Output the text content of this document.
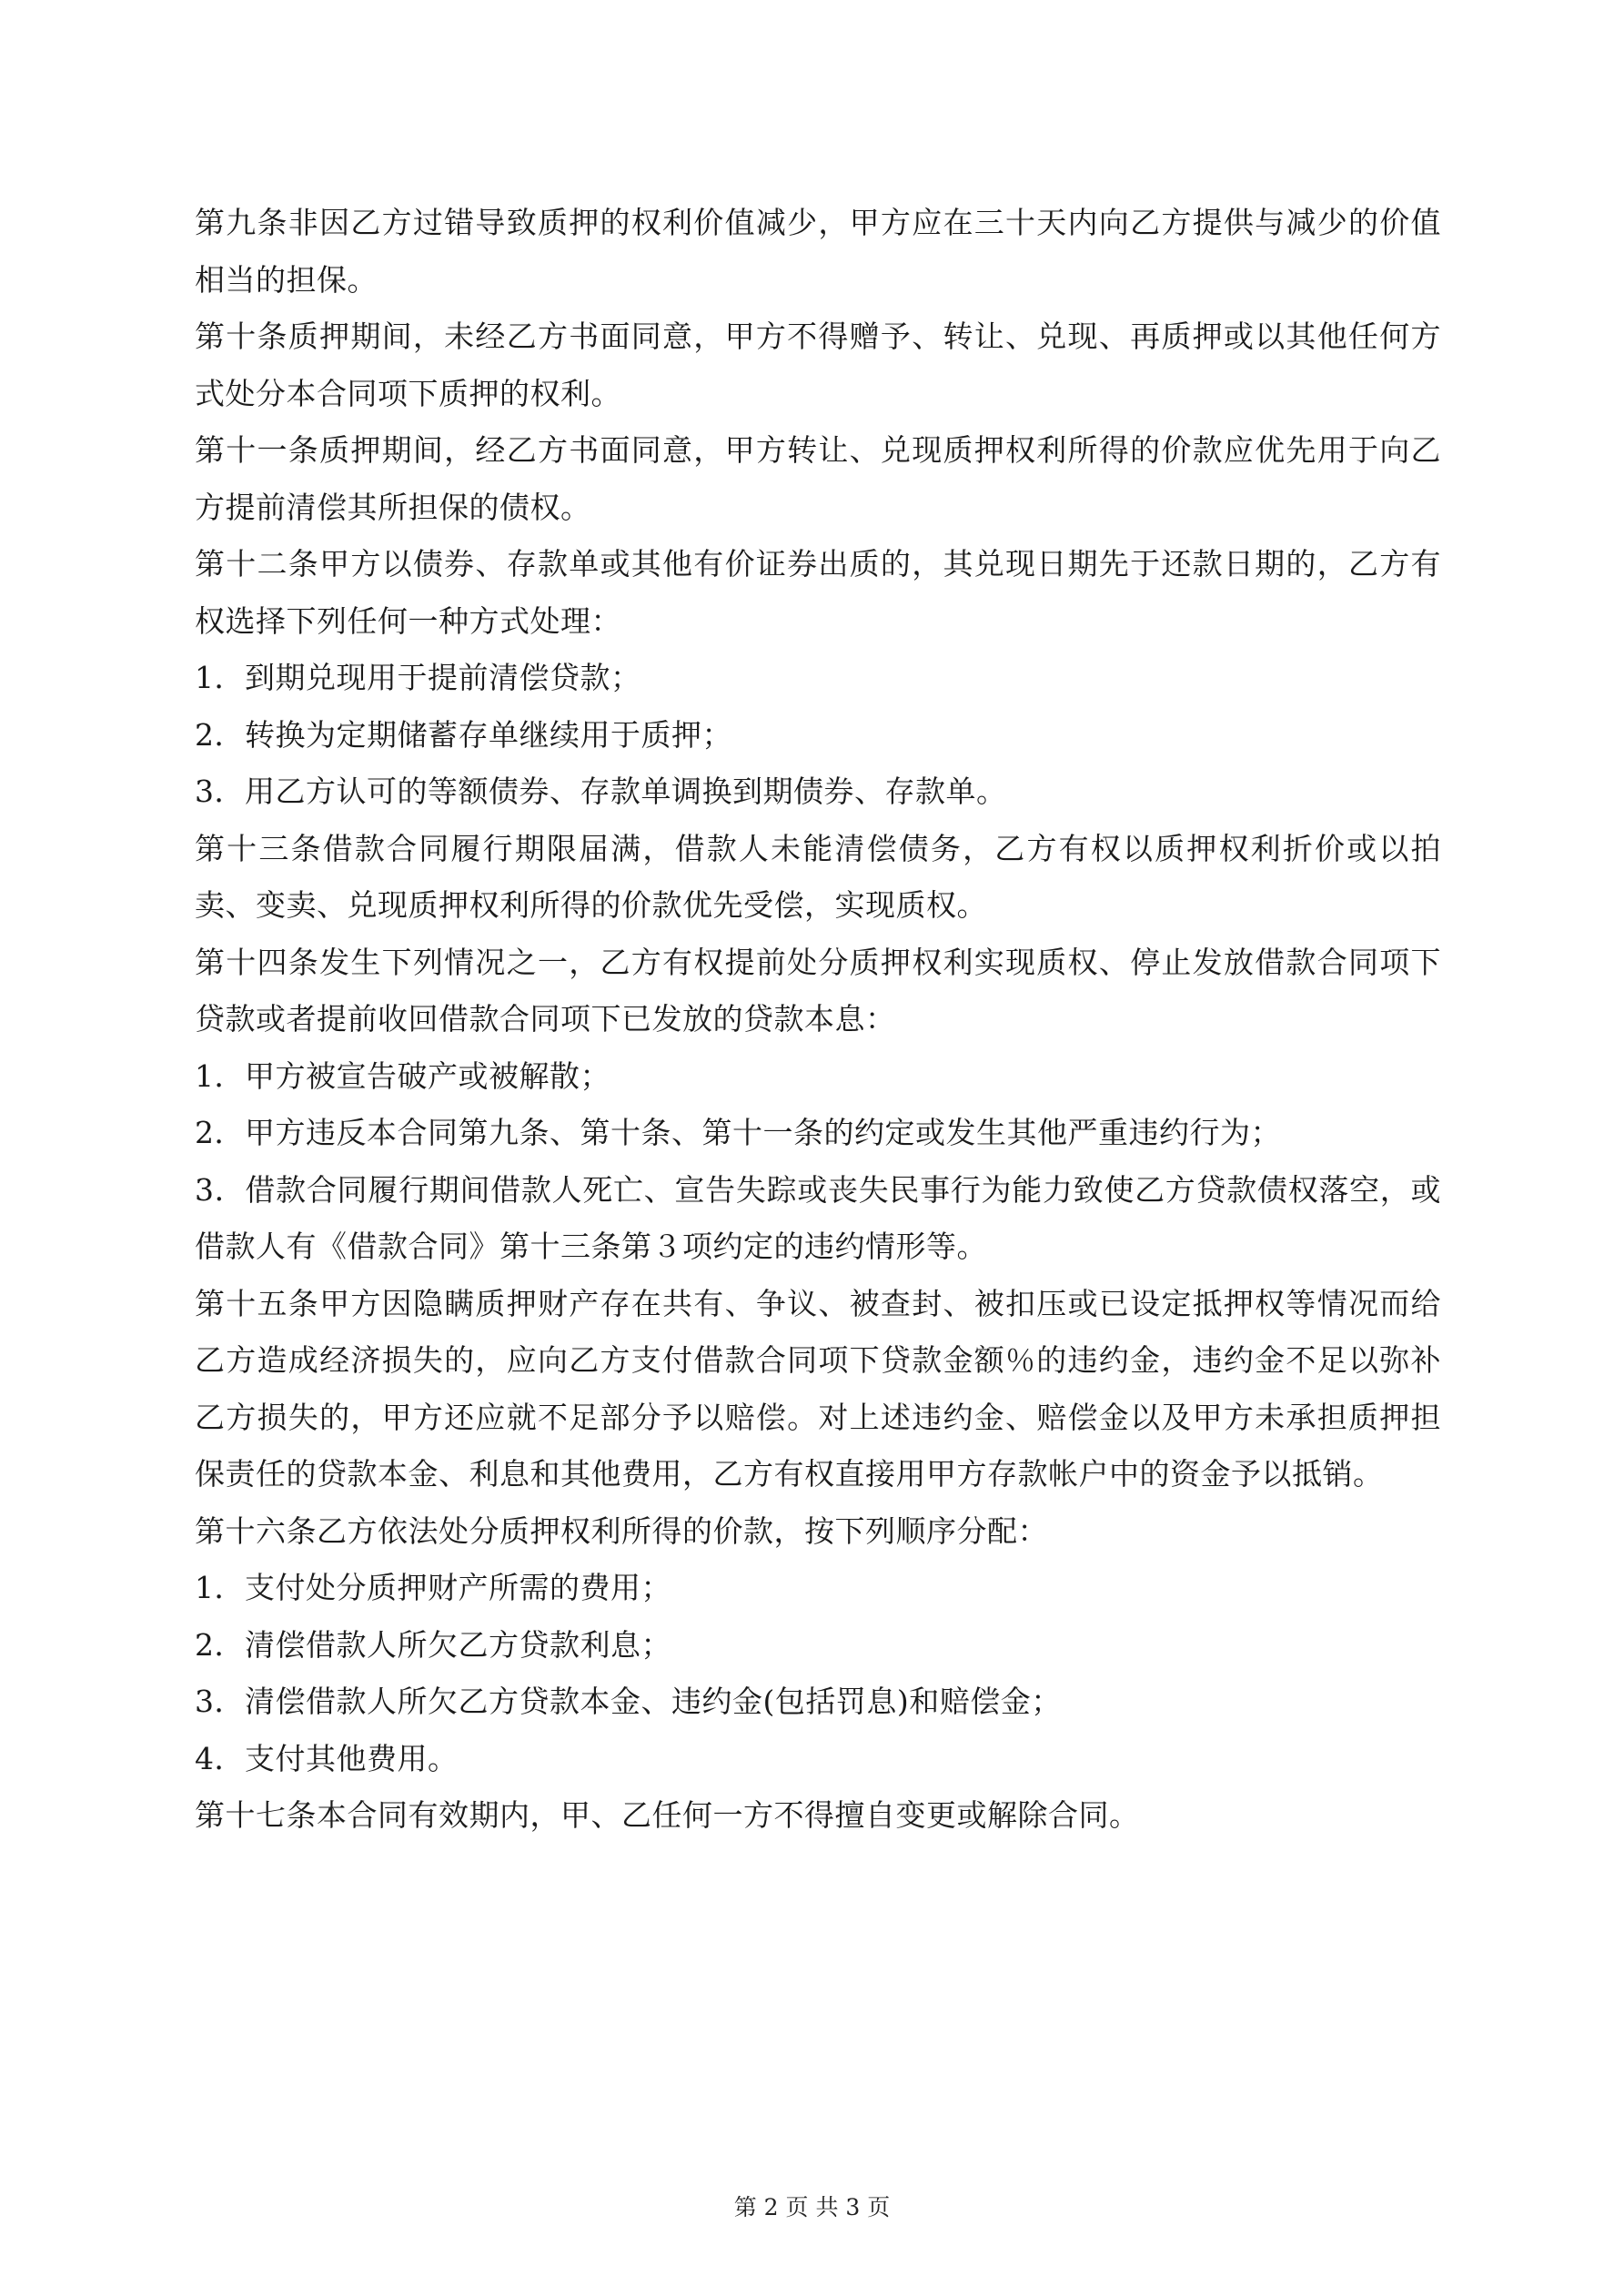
第九条非因乙方过错导致质押的权利价值减少，甲方应在三十天内向乙方提供与减少的价值相当的担保。

第十条质押期间，未经乙方书面同意，甲方不得赠予、转让、兑现、再质押或以其他任何方式处分本合同项下质押的权利。

第十一条质押期间，经乙方书面同意，甲方转让、兑现质押权利所得的价款应优先用于向乙方提前清偿其所担保的债权。

第十二条甲方以债券、存款单或其他有价证券出质的，其兑现日期先于还款日期的，乙方有权选择下列任何一种方式处理：

1．到期兑现用于提前清偿贷款；

2．转换为定期储蓄存单继续用于质押；

3．用乙方认可的等额债券、存款单调换到期债券、存款单。

第十三条借款合同履行期限届满，借款人未能清偿债务，乙方有权以质押权利折价或以拍卖、变卖、兑现质押权利所得的价款优先受偿，实现质权。

第十四条发生下列情况之一，乙方有权提前处分质押权利实现质权、停止发放借款合同项下贷款或者提前收回借款合同项下已发放的贷款本息：

1．甲方被宣告破产或被解散；

2．甲方违反本合同第九条、第十条、第十一条的约定或发生其他严重违约行为；

3．借款合同履行期间借款人死亡、宣告失踪或丧失民事行为能力致使乙方贷款债权落空，或借款人有《借款合同》第十三条第３项约定的违约情形等。

第十五条甲方因隐瞒质押财产存在共有、争议、被查封、被扣压或已设定抵押权等情况而给乙方造成经济损失的，应向乙方支付借款合同项下贷款金额％的违约金，违约金不足以弥补乙方损失的，甲方还应就不足部分予以赔偿。对上述违约金、赔偿金以及甲方未承担质押担保责任的贷款本金、利息和其他费用，乙方有权直接用甲方存款帐户中的资金予以抵销。

第十六条乙方依法处分质押权利所得的价款，按下列顺序分配：

1．支付处分质押财产所需的费用；

2．清偿借款人所欠乙方贷款利息；

3．清偿借款人所欠乙方贷款本金、违约金(包括罚息)和赔偿金；

4．支付其他费用。

第十七条本合同有效期内，甲、乙任何一方不得擅自变更或解除合同。

第 2 页 共 3 页
